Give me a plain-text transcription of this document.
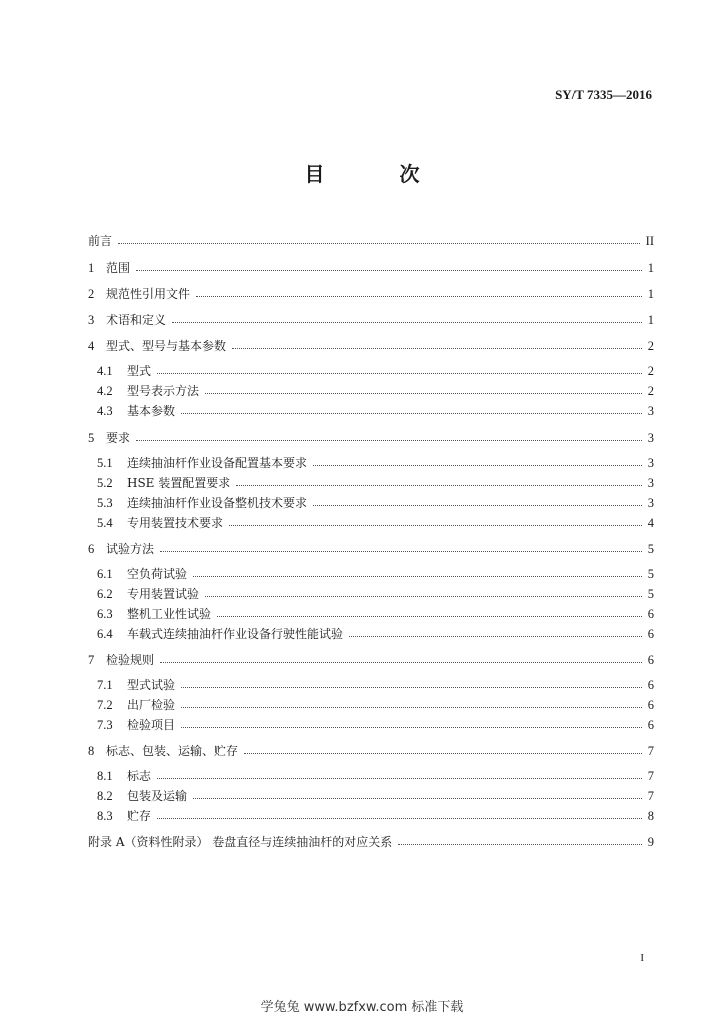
SY/T 7335—2016
目 次
前言	II
1 范围	1
2 规范性引用文件	1
3 术语和定义	1
4 型式、型号与基本参数	2
4.1	型式	2
4.2	型号表示方法	2
4.3	基本参数	3
5 要求	3
5.1	连续抽油杆作业设备配置基本要求	3
5.2	HSE 装置配置要求	3
5.3	连续抽油杆作业设备整机技术要求	3
5.4	专用装置技术要求	4
6 试验方法	5
6.1	空负荷试验	5
6.2	专用装置试验	5
6.3	整机工业性试验	6
6.4	车载式连续抽油杆作业设备行驶性能试验	6
7 检验规则	6
7.1	型式试验	6
7.2	出厂检验	6
7.3	检验项目	6
8 标志、包装、运输、贮存	7
8.1	标志	7
8.2	包装及运输	7
8.3	贮存	8
附录 A（资料性附录） 卷盘直径与连续抽油杆的对应关系	9
I
学兔兔 www.bzfxw.com 标准下载
